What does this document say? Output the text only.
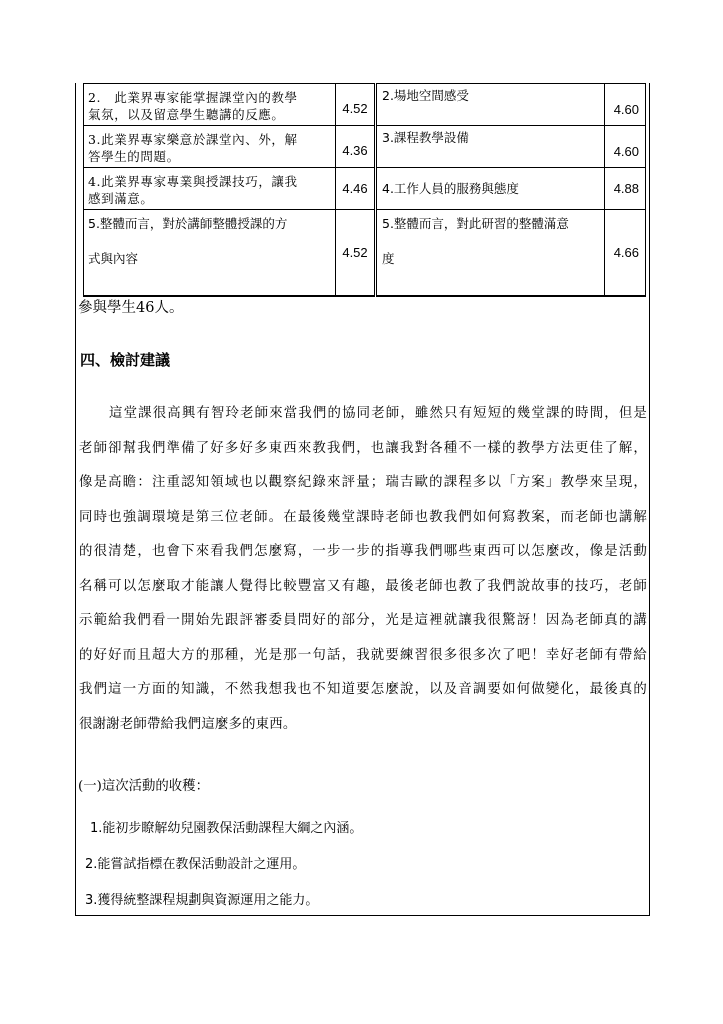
2.　此業界專家能掌握課堂內的教學
氣氛，以及留意學生聽講的反應。	4.52	2.場地空間感受	4.60

3.此業界專家樂意於課堂內、外，解
答學生的問題。	4.36	3.課程教學設備	4.60

4.此業界專家專業與授課技巧，讓我
感到滿意。	4.46	4.工作人員的服務與態度	4.88

5.整體而言，對於講師整體授課的方
式與內容	4.52	5.整體而言，對此研習的整體滿意
度	4.66
參與學生46人。
四、檢討建議
這堂課很高興有智玲老師來當我們的協同老師，雖然只有短短的幾堂課的時間，但是
老師卻幫我們準備了好多好多東西來教我們，也讓我對各種不一樣的教學方法更佳了解，
像是高瞻：注重認知領域也以觀察紀錄來評量；瑞吉歐的課程多以「方案」教學來呈現，
同時也強調環境是第三位老師。在最後幾堂課時老師也教我們如何寫教案，而老師也講解
的很清楚，也會下來看我們怎麼寫，一步一步的指導我們哪些東西可以怎麼改，像是活動
名稱可以怎麼取才能讓人覺得比較豐富又有趣，最後老師也教了我們說故事的技巧，老師
示範給我們看一開始先跟評審委員問好的部分，光是這裡就讓我很驚訝！因為老師真的講
的好好而且超大方的那種，光是那一句話，我就要練習很多很多次了吧！幸好老師有帶給
我們這一方面的知識，不然我想我也不知道要怎麼說，以及音調要如何做變化，最後真的
很謝謝老師帶給我們這麼多的東西。
(一)這次活動的收穫：
1.能初步瞭解幼兒園教保活動課程大綱之內涵。
2.能嘗試指標在教保活動設計之運用。
3.獲得統整課程規劃與資源運用之能力。
